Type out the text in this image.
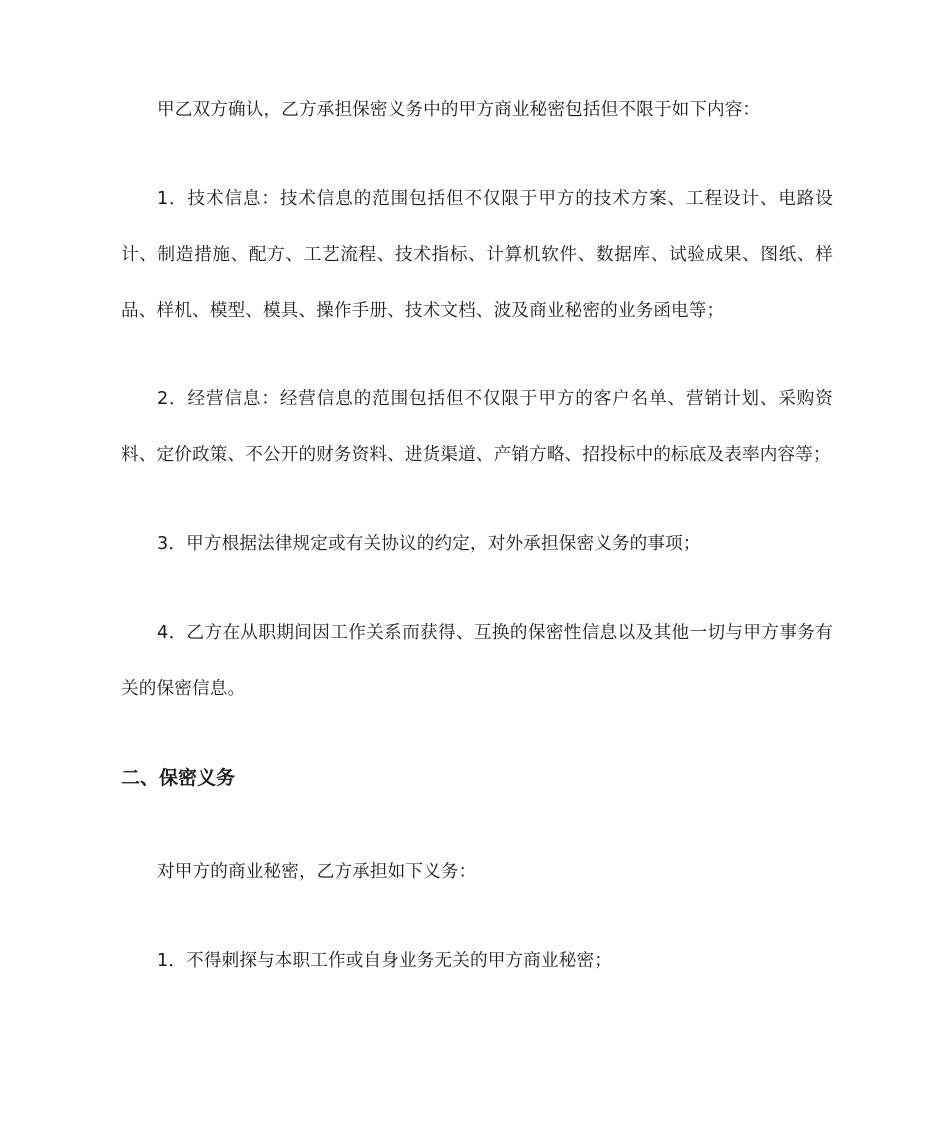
甲乙双方确认，乙方承担保密义务中的甲方商业秘密包括但不限于如下内容：

1．技术信息：技术信息的范围包括但不仅限于甲方的技术方案、工程设计、电路设计、制造措施、配方、工艺流程、技术指标、计算机软件、数据库、试验成果、图纸、样品、样机、模型、模具、操作手册、技术文档、波及商业秘密的业务函电等；

2．经营信息：经营信息的范围包括但不仅限于甲方的客户名单、营销计划、采购资料、定价政策、不公开的财务资料、进货渠道、产销方略、招投标中的标底及表率内容等；

3．甲方根据法律规定或有关协议的约定，对外承担保密义务的事项；

4．乙方在从职期间因工作关系而获得、互换的保密性信息以及其他一切与甲方事务有关的保密信息。

二、保密义务

对甲方的商业秘密，乙方承担如下义务：

1．不得刺探与本职工作或自身业务无关的甲方商业秘密；
